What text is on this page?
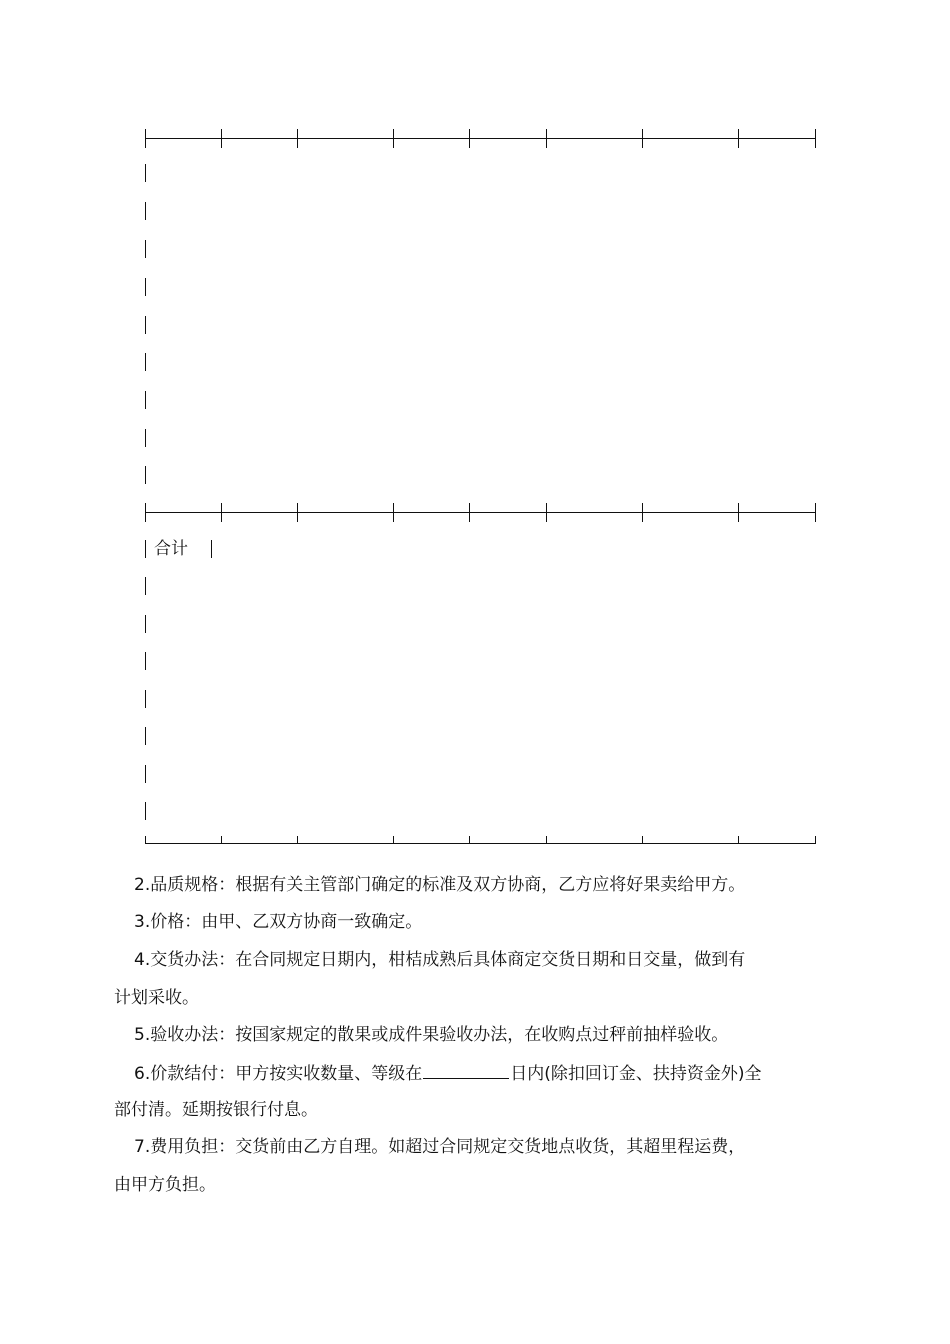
合计
2.品质规格：根据有关主管部门确定的标准及双方协商，乙方应将好果卖给甲方。
3.价格：由甲、乙双方协商一致确定。
4.交货办法：在合同规定日期内，柑桔成熟后具体商定交货日期和日交量，做到有
计划采收。
5.验收办法：按国家规定的散果或成件果验收办法，在收购点过秤前抽样验收。
6.价款结付：甲方按实收数量、等级在	日内(除扣回订金、扶持资金外)全
部付清。延期按银行付息。
7.费用负担：交货前由乙方自理。如超过合同规定交货地点收货，其超里程运费，
由甲方负担。
